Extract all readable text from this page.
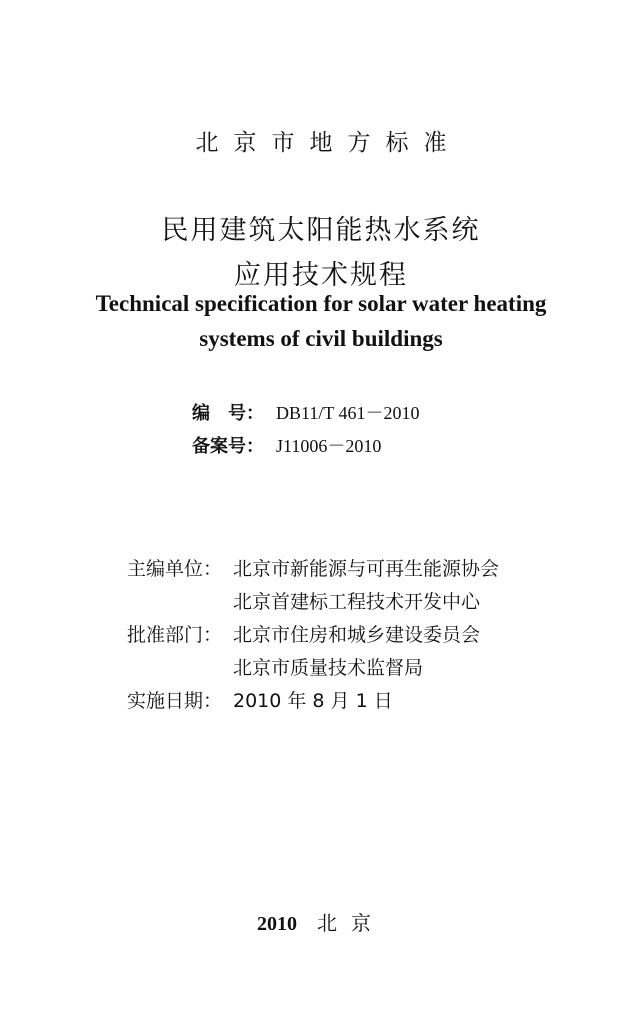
北京市地方标准
民用建筑太阳能热水系统
应用技术规程
Technical specification for solar water heating
systems of civil buildings
编　号： DB11/T 461－2010
备案号： J11006－2010
主编单位： 北京市新能源与可再生能源协会
北京首建标工程技术开发中心
批准部门： 北京市住房和城乡建设委员会
北京市质量技术监督局
实施日期： 2010 年 8 月 1 日
2010 北京
